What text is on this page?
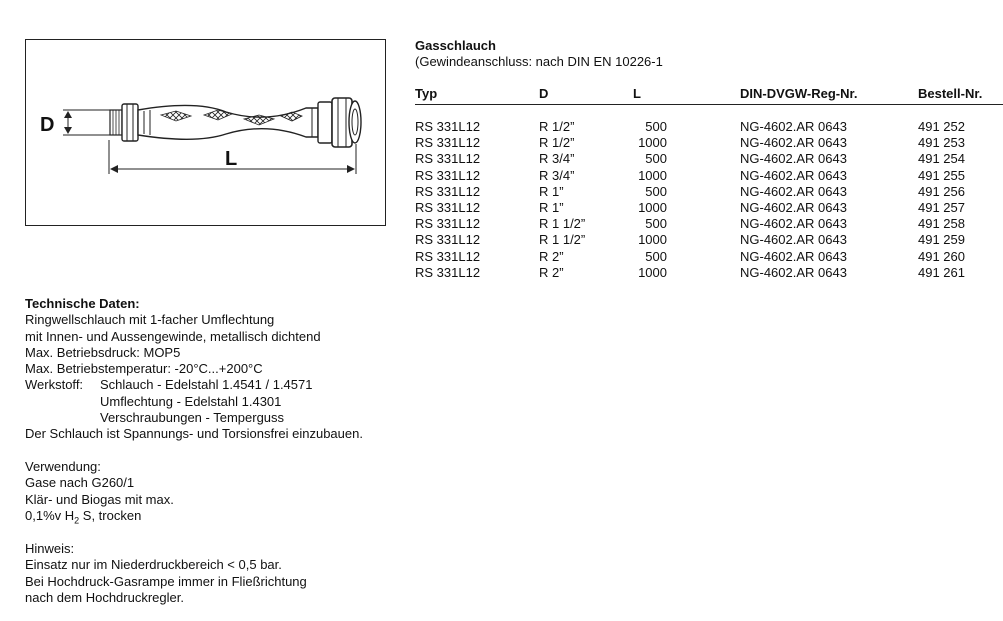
D
L
Gasschlauch
(Gewindeanschluss: nach DIN EN 10226-1
Typ	D	L	DIN-DVGW-Reg-Nr.	Bestell-Nr.
RS 331L12	R 1/2”	500	NG-4602.AR 0643	491 252
RS 331L12	R 1/2”	1000	NG-4602.AR 0643	491 253
RS 331L12	R 3/4”	500	NG-4602.AR 0643	491 254
RS 331L12	R 3/4”	1000	NG-4602.AR 0643	491 255
RS 331L12	R 1”	500	NG-4602.AR 0643	491 256
RS 331L12	R 1”	1000	NG-4602.AR 0643	491 257
RS 331L12	R 1 1/2”	500	NG-4602.AR 0643	491 258
RS 331L12	R 1 1/2”	1000	NG-4602.AR 0643	491 259
RS 331L12	R 2”	500	NG-4602.AR 0643	491 260
RS 331L12	R 2”	1000	NG-4602.AR 0643	491 261
Technische Daten:
Ringwellschlauch mit 1-facher Umflechtung
mit Innen- und Aussengewinde, metallisch dichtend
Max. Betriebsdruck: MOP5
Max. Betriebstemperatur: -20°C...+200°C
Werkstoff: Schlauch - Edelstahl 1.4541 / 1.4571
Umflechtung - Edelstahl 1.4301
Verschraubungen - Temperguss
Der Schlauch ist Spannungs- und Torsionsfrei einzubauen.
Verwendung:
Gase nach G260/1
Klär- und Biogas mit max.
0,1%v $H_2$ S, trocken
Hinweis:
Einsatz nur im Niederdruckbereich < 0,5 bar.
Bei Hochdruck-Gasrampe immer in Fließrichtung
nach dem Hochdruckregler.
